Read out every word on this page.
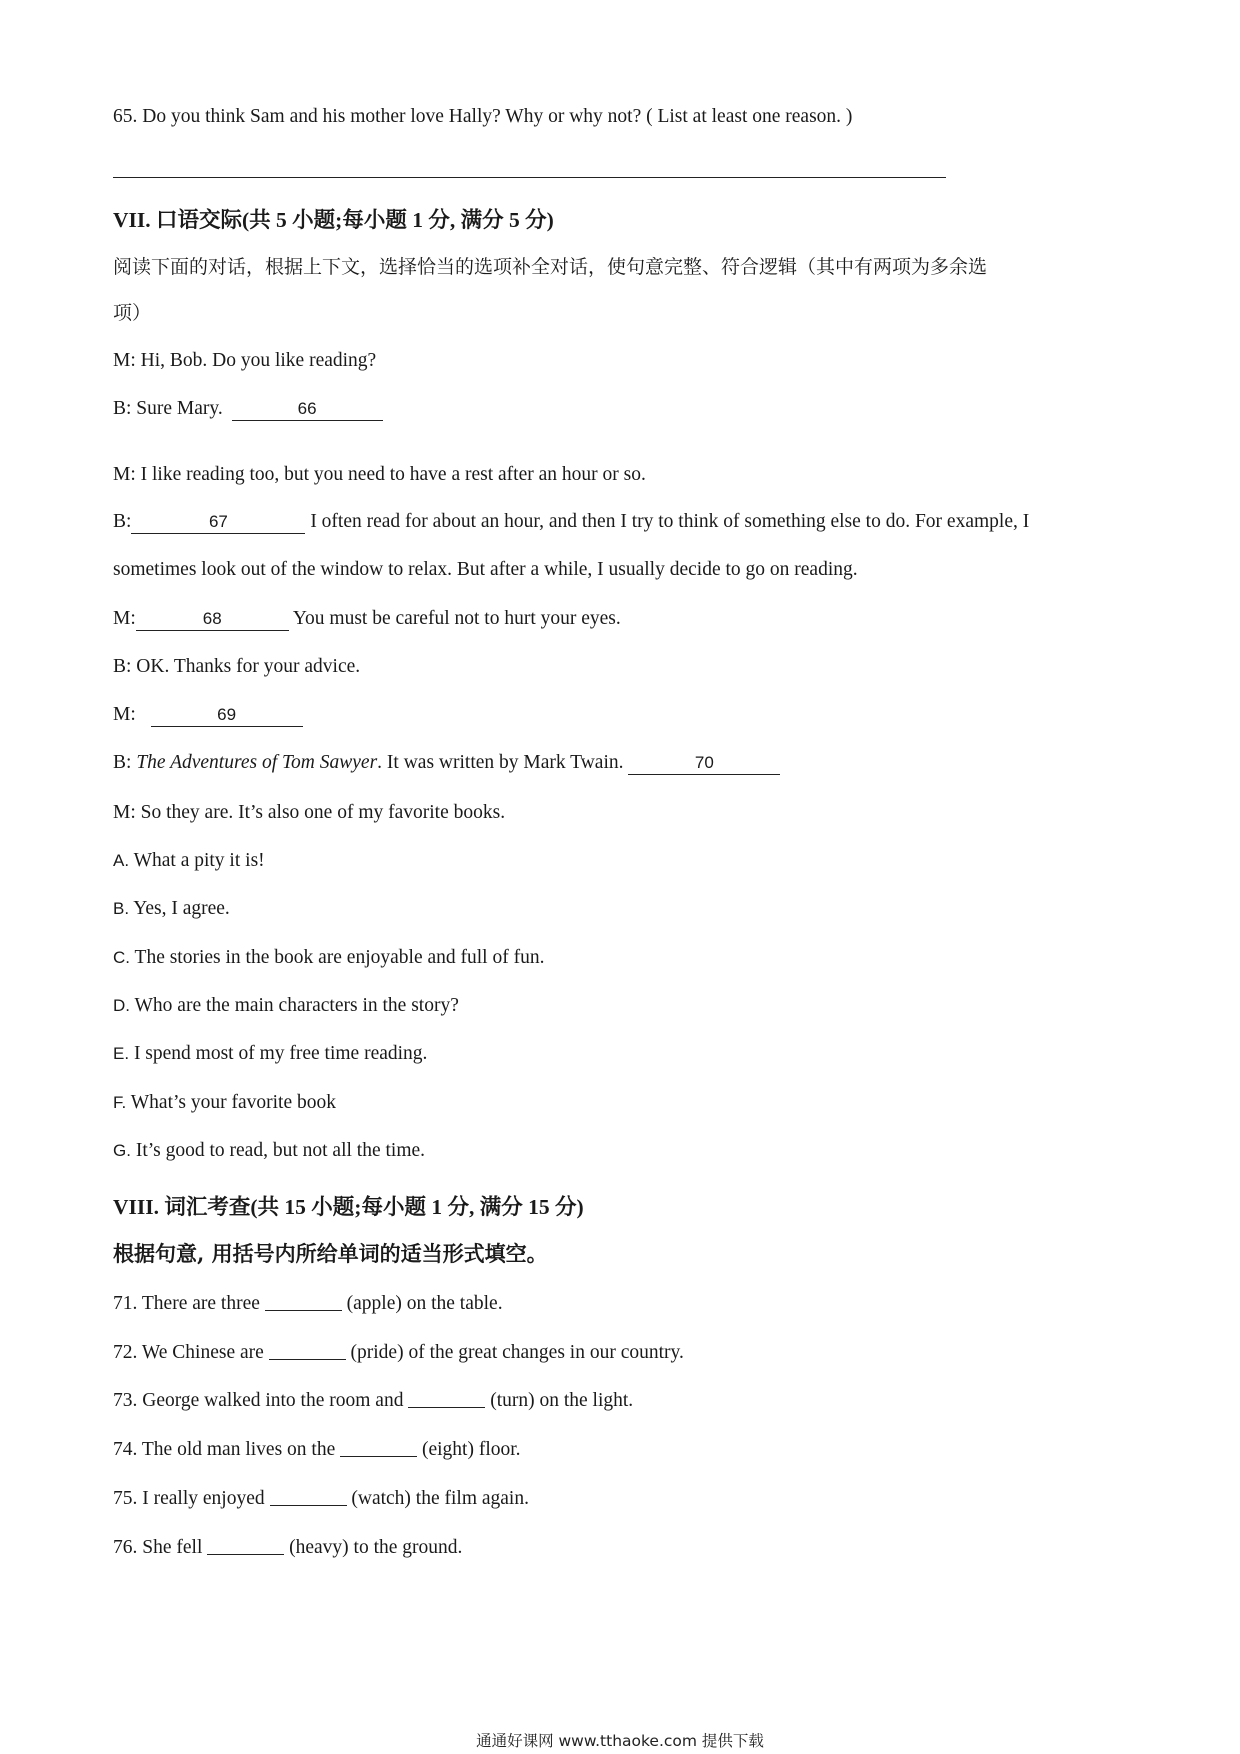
65. Do you think Sam and his mother love Hally? Why or why not? ( List at least one reason. )
VII. 口语交际(共 5 小题;每小题 1 分, 满分 5 分)
阅读下面的对话，根据上下文，选择恰当的选项补全对话，使句意完整、符合逻辑（其中有两项为多余选
项）
M: Hi, Bob. Do you like reading?
B: Sure Mary.	66
M: I like reading too, but you need to have a rest after an hour or so.
B:	67	I often read for about an hour, and then I try to think of something else to do. For example, I
sometimes look out of the window to relax. But after a while, I usually decide to go on reading.
M:	68	You must be careful not to hurt your eyes.
B: OK. Thanks for your advice.
M:	69
B: The Adventures of Tom Sawyer. It was written by Mark Twain.	70
M: So they are. It’s also one of my favorite books.
A. What a pity it is!
B. Yes, I agree.
C. The stories in the book are enjoyable and full of fun.
D. Who are the main characters in the story?
E. I spend most of my free time reading.
F. What’s your favorite book
G. It’s good to read, but not all the time.
VIII. 词汇考查(共 15 小题;每小题 1 分, 满分 15 分)
根据句意, 用括号内所给单词的适当形式填空。
71. There are three	(apple) on the table.
72. We Chinese are	(pride) of the great changes in our country.
73. George walked into the room and	(turn) on the light.
74. The old man lives on the	(eight) floor.
75. I really enjoyed	(watch) the film again.
76. She fell	(heavy) to the ground.
通通好课网 www.tthaoke.com 提供下载
